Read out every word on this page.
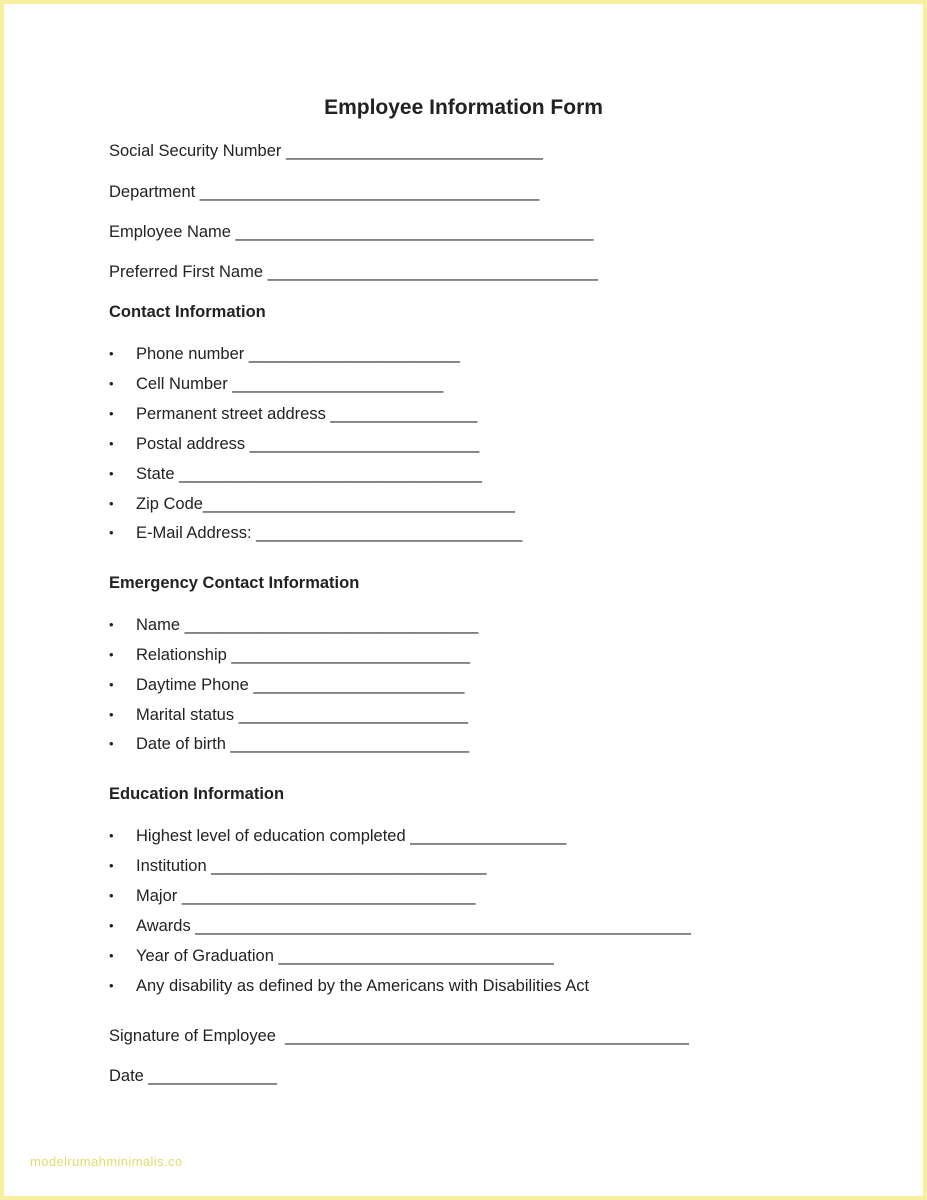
Employee Information Form
Social Security Number ____________________________
Department _____________________________________
Employee Name _______________________________________
Preferred First Name ____________________________________
Contact Information
• Phone number _______________________
• Cell Number _______________________
• Permanent street address ________________
• Postal address _________________________
• State _________________________________
• Zip Code__________________________________
• E-Mail Address: _____________________________
Emergency Contact Information
• Name ________________________________
• Relationship __________________________
• Daytime Phone _______________________
• Marital status _________________________
• Date of birth __________________________
Education Information
• Highest level of education completed _________________
• Institution ______________________________
• Major ________________________________
• Awards ______________________________________________________
• Year of Graduation ______________________________
• Any disability as defined by the Americans with Disabilities Act
Signature of Employee  ____________________________________________
Date ______________
modelrumahminimalis.co
